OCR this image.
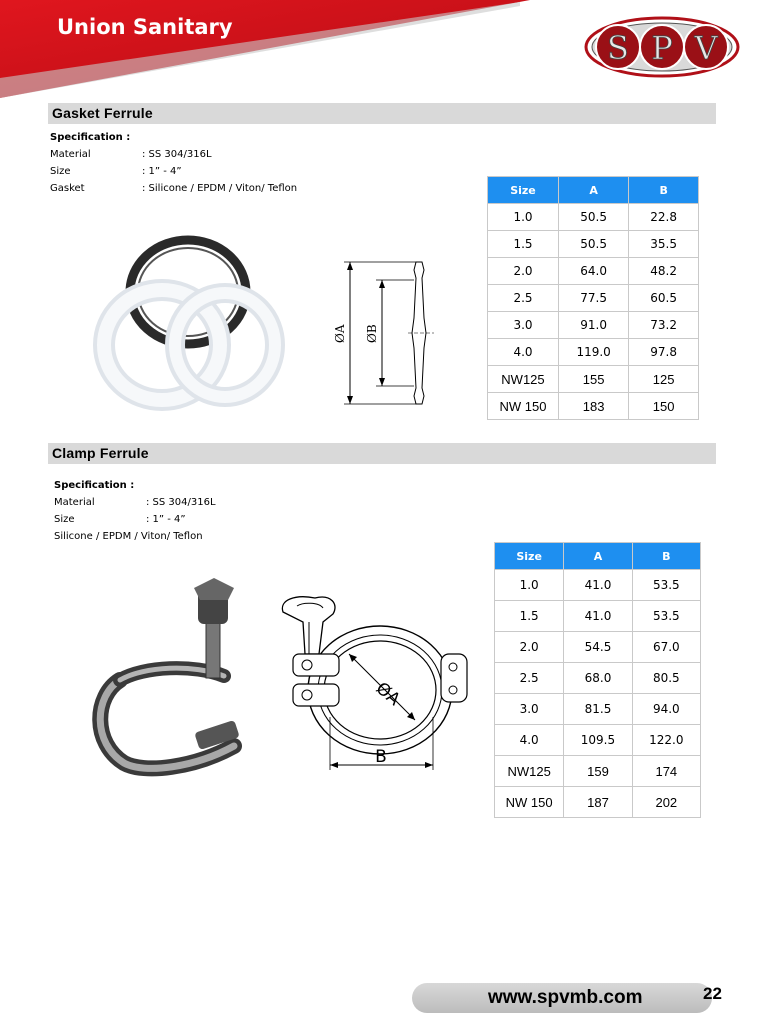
Union Sanitary
S P V
Gasket Ferrule
Specification :
Material	: SS 304/316L
Size	: 1” - 4”
Gasket	: Silicone / EPDM / Viton/ Teflon
ØA ØB
Size	A	B
1.0	50.5	22.8
1.5	50.5	35.5
2.0	64.0	48.2
2.5	77.5	60.5
3.0	91.0	73.2
4.0	119.0	97.8
NW125	155	125
NW 150	183	150
Clamp Ferrule
Specification :
Material	: SS 304/316L
Size	: 1” - 4”
Silicone / EPDM / Viton/ Teflon
ØA
B
Size	A	B
1.0	41.0	53.5
1.5	41.0	53.5
2.0	54.5	67.0
2.5	68.0	80.5
3.0	81.5	94.0
4.0	109.5	122.0
NW125	159	174
NW 150	187	202
www.spvmb.com	22
